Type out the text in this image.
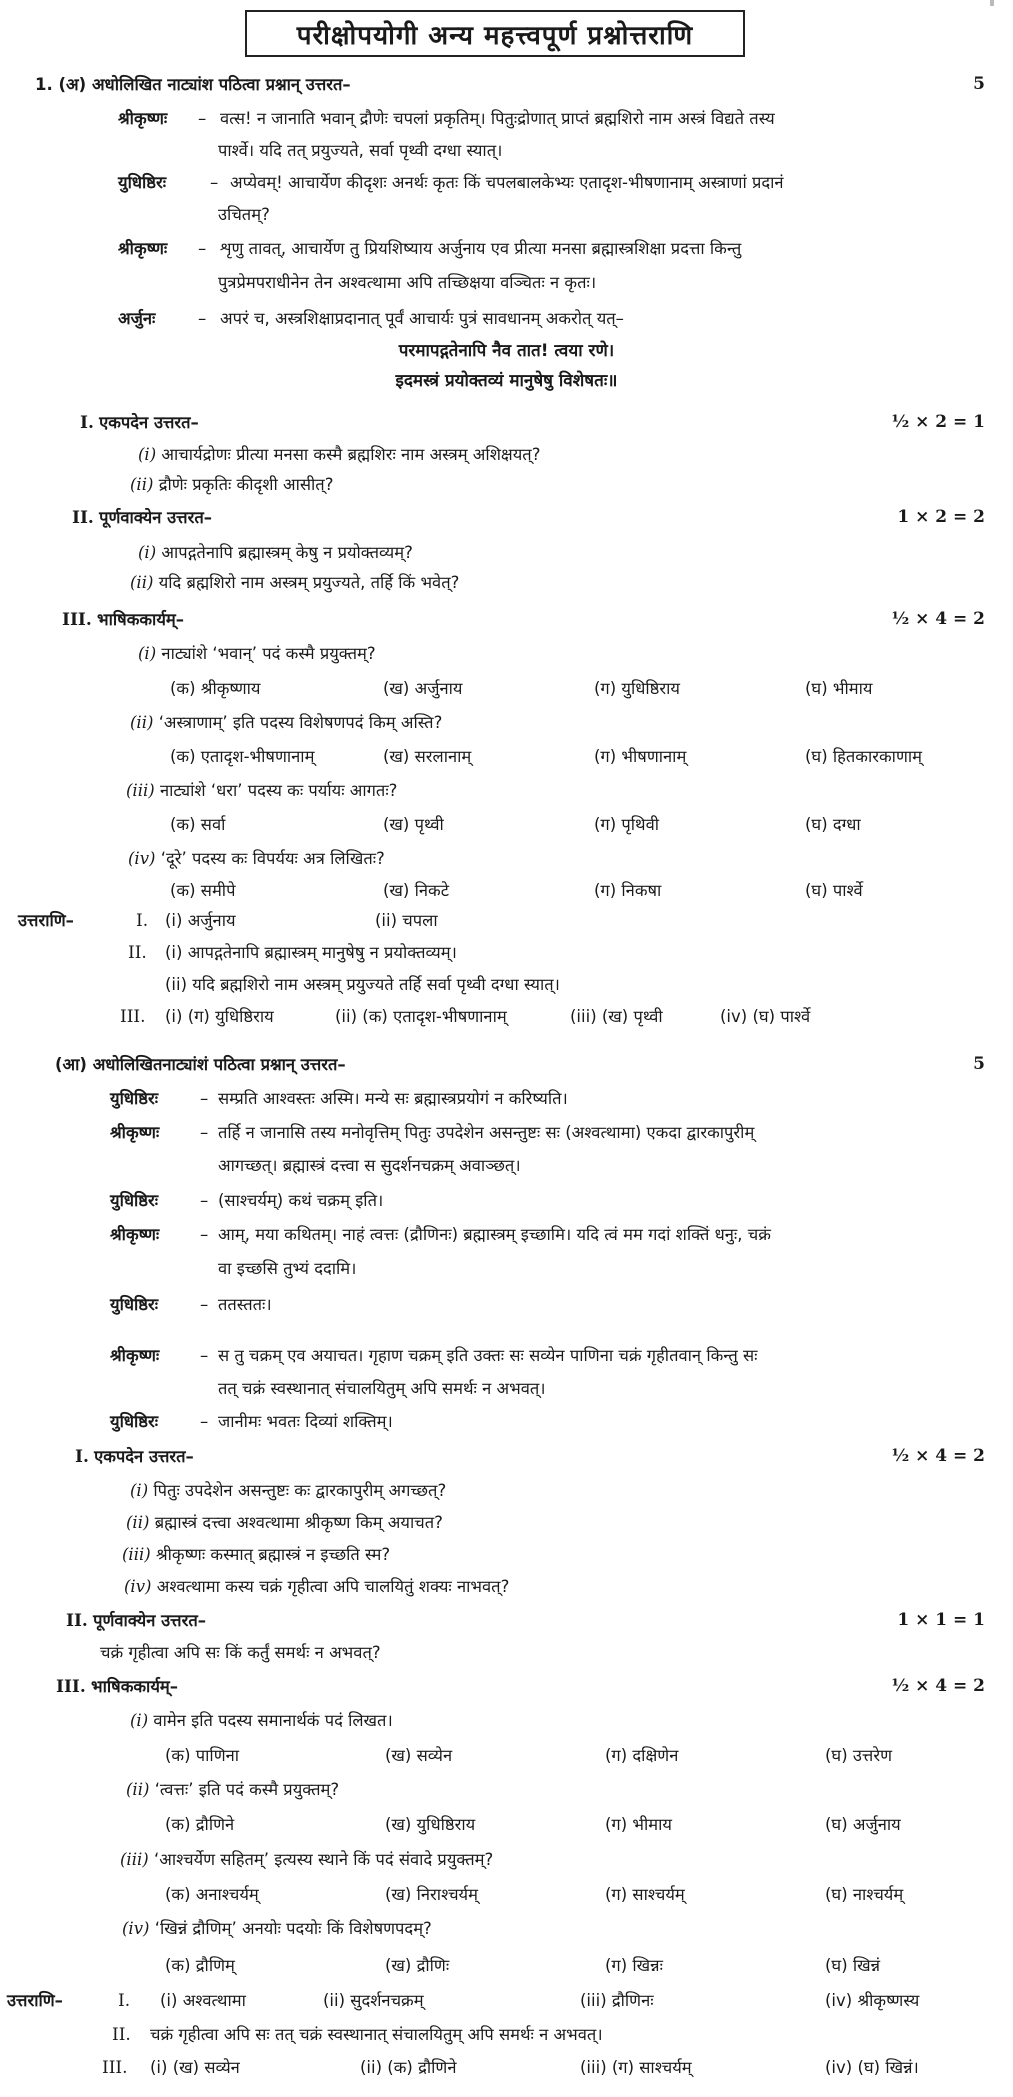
परीक्षोपयोगी अन्य महत्त्वपूर्ण प्रश्नोत्तराणि
1. (अ) अधोलिखित नाट्यांश पठित्वा प्रश्नान् उत्तरत–	5
श्रीकृष्णः – वत्स! न जानाति भवान् द्रौणेः चपलां प्रकृतिम्। पितुःद्रोणात् प्राप्तं ब्रह्मशिरो नाम अस्त्रं विद्यते तस्य
पार्श्वे। यदि तत् प्रयुज्यते, सर्वा पृथ्वी दग्धा स्यात्।
युधिष्ठिरः	– अप्येवम्! आचार्येण कीदृशः अनर्थः कृतः किं चपलबालकेभ्यः एतादृश-भीषणानाम् अस्त्राणां प्रदानं
उचितम्?
श्रीकृष्णः – शृणु तावत्, आचार्येण तु प्रियशिष्याय अर्जुनाय एव प्रीत्या मनसा ब्रह्मास्त्रशिक्षा प्रदत्ता किन्तु
पुत्रप्रेमपराधीनेन तेन अश्वत्थामा अपि तच्छिक्षया वञ्चितः न कृतः।
अर्जुनः	– अपरं च, अस्त्रशिक्षाप्रदानात् पूर्वं आचार्यः पुत्रं सावधानम् अकरोत् यत्–
परमापद्गतेनापि नैव तात! त्वया रणे।
इदमस्त्रं प्रयोक्तव्यं मानुषेषु विशेषतः॥
I. एकपदेन उत्तरत–	½ × 2 = 1
(i) आचार्यद्रोणः प्रीत्या मनसा कस्मै ब्रह्मशिरः नाम अस्त्रम् अशिक्षयत्?
(ii) द्रौणेः प्रकृतिः कीदृशी आसीत्?
II. पूर्णवाक्येन उत्तरत–	1 × 2 = 2
(i) आपद्गतेनापि ब्रह्मास्त्रम् केषु न प्रयोक्तव्यम्?
(ii) यदि ब्रह्मशिरो नाम अस्त्रम् प्रयुज्यते, तर्हि किं भवेत्?
III. भाषिककार्यम्–	½ × 4 = 2
(i) नाट्यांशे ‘भवान्’ पदं कस्मै प्रयुक्तम्?
(क) श्रीकृष्णाय	(ख) अर्जुनाय	(ग) युधिष्ठिराय	(घ) भीमाय
(ii) ‘अस्त्राणाम्’ इति पदस्य विशेषणपदं किम् अस्ति?
(क) एतादृश-भीषणानाम्	(ख) सरलानाम्	(ग) भीषणानाम्	(घ) हितकारकाणाम्
(iii) नाट्यांशे ‘धरा’ पदस्य कः पर्यायः आगतः?
(क) सर्वा	(ख) पृथ्वी	(ग) पृथिवी	(घ) दग्धा
(iv) ‘दूरे’ पदस्य कः विपर्ययः अत्र लिखितः?
(क) समीपे	(ख) निकटे	(ग) निकषा	(घ) पार्श्वे
उत्तराणि–	I. (i) अर्जुनाय	(ii) चपला
II. (i) आपद्गतेनापि ब्रह्मास्त्रम् मानुषेषु न प्रयोक्तव्यम्।
(ii) यदि ब्रह्मशिरो नाम अस्त्रम् प्रयुज्यते तर्हि सर्वा पृथ्वी दग्धा स्यात्।
III. (i) (ग) युधिष्ठिराय	(ii) (क) एतादृश-भीषणानाम्	(iii) (ख) पृथ्वी	(iv) (घ) पार्श्वे
(आ) अधोलिखितनाट्यांशं पठित्वा प्रश्नान् उत्तरत–	5
युधिष्ठिरः	– सम्प्रति आश्वस्तः अस्मि। मन्ये सः ब्रह्मास्त्रप्रयोगं न करिष्यति।
श्रीकृष्णः – तर्हि न जानासि तस्य मनोवृत्तिम् पितुः उपदेशेन असन्तुष्टः सः (अश्वत्थामा) एकदा द्वारकापुरीम्
आगच्छत्। ब्रह्मास्त्रं दत्त्वा स सुदर्शनचक्रम् अवाञ्छत्।
युधिष्ठिरः	– (साश्चर्यम्) कथं चक्रम् इति।
श्रीकृष्णः – आम्, मया कथितम्। नाहं त्वत्तः (द्रौणिनः) ब्रह्मास्त्रम् इच्छामि। यदि त्वं मम गदां शक्तिं धनुः, चक्रं
वा इच्छसि तुभ्यं ददामि।
युधिष्ठिरः	– ततस्ततः।
श्रीकृष्णः – स तु चक्रम् एव अयाचत। गृहाण चक्रम् इति उक्तः सः सव्येन पाणिना चक्रं गृहीतवान् किन्तु सः
तत् चक्रं स्वस्थानात् संचालयितुम् अपि समर्थः न अभवत्।
युधिष्ठिरः	– जानीमः भवतः दिव्यां शक्तिम्।
I. एकपदेन उत्तरत–	½ × 4 = 2
(i) पितुः उपदेशेन असन्तुष्टः कः द्वारकापुरीम् अगच्छत्?
(ii) ब्रह्मास्त्रं दत्त्वा अश्वत्थामा श्रीकृष्ण किम् अयाचत?
(iii) श्रीकृष्णः कस्मात् ब्रह्मास्त्रं न इच्छति स्म?
(iv) अश्वत्थामा कस्य चक्रं गृहीत्वा अपि चालयितुं शक्यः नाभवत्?
II. पूर्णवाक्येन उत्तरत–	1 × 1 = 1
चक्रं गृहीत्वा अपि सः किं कर्तुं समर्थः न अभवत्?
III. भाषिककार्यम्–	½ × 4 = 2
(i) वामेन इति पदस्य समानार्थकं पदं लिखत।
(क) पाणिना	(ख) सव्येन	(ग) दक्षिणेन	(घ) उत्तरेण
(ii) ‘त्वत्तः’ इति पदं कस्मै प्रयुक्तम्?
(क) द्रौणिने	(ख) युधिष्ठिराय	(ग) भीमाय	(घ) अर्जुनाय
(iii) ‘आश्चर्येण सहितम्’ इत्यस्य स्थाने किं पदं संवादे प्रयुक्तम्?
(क) अनाश्चर्यम्	(ख) निराश्चर्यम्	(ग) साश्चर्यम्	(घ) नाश्चर्यम्
(iv) ‘खिन्नं द्रौणिम्’ अनयोः पदयोः किं विशेषणपदम्?
(क) द्रौणिम्	(ख) द्रौणिः	(ग) खिन्नः	(घ) खिन्नं
उत्तराणि–	I. (i) अश्वत्थामा	(ii) सुदर्शनचक्रम्	(iii) द्रौणिनः	(iv) श्रीकृष्णस्य
II. चक्रं गृहीत्वा अपि सः तत् चक्रं स्वस्थानात् संचालयितुम् अपि समर्थः न अभवत्।
III. (i) (ख) सव्येन	(ii) (क) द्रौणिने	(iii) (ग) साश्चर्यम्	(iv) (घ) खिन्नं।
